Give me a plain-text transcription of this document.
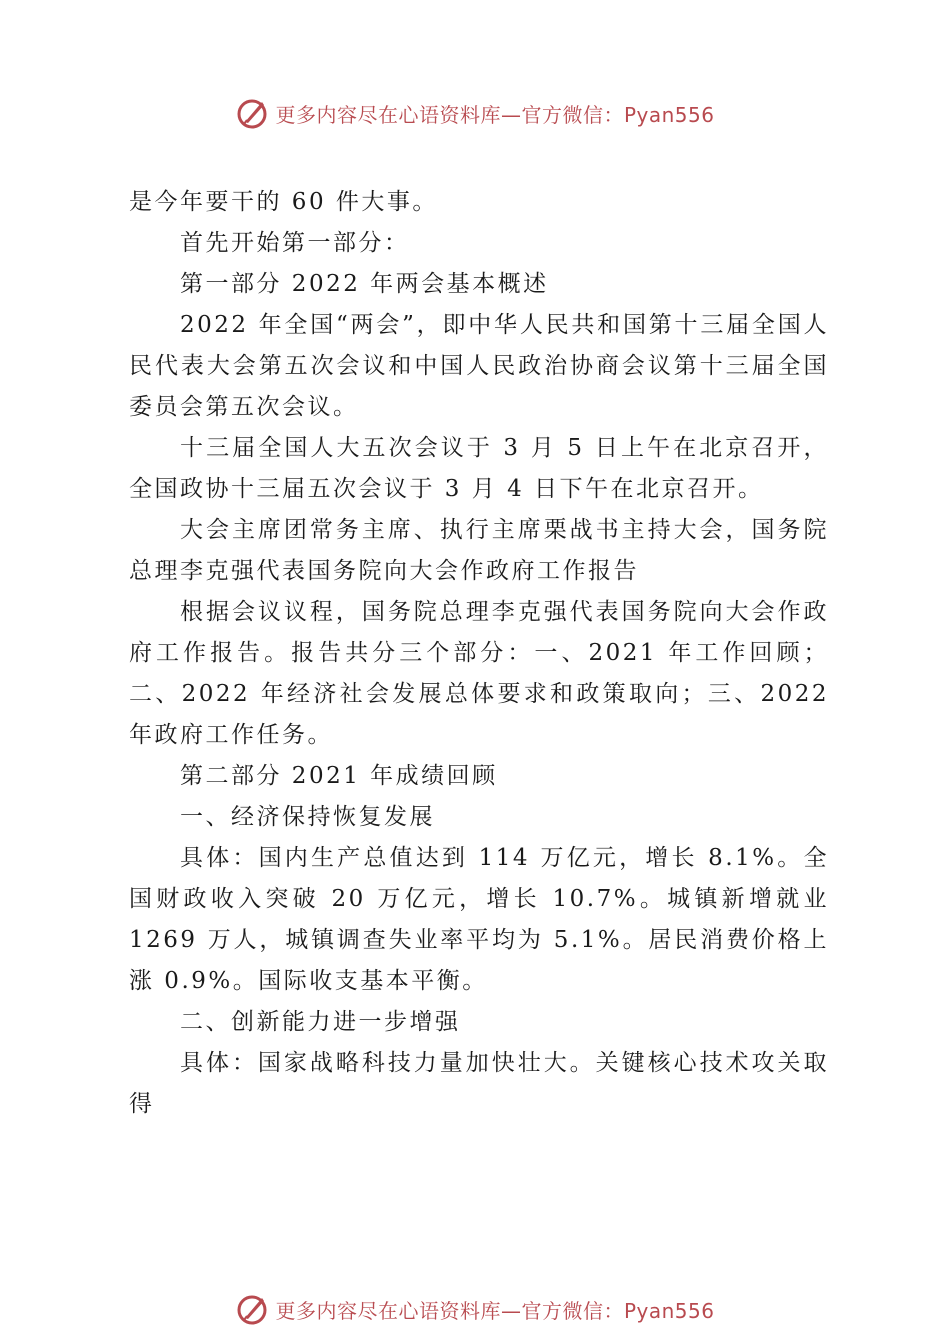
更多内容尽在心语资料库—官方微信：Pyan556

是今年要干的 60 件大事。

首先开始第一部分：

第一部分 2022 年两会基本概述

2022 年全国“两会”，即中华人民共和国第十三届全国人民代表大会第五次会议和中国人民政治协商会议第十三届全国委员会第五次会议。

十三届全国人大五次会议于 3 月 5 日上午在北京召开，全国政协十三届五次会议于 3 月 4 日下午在北京召开。

大会主席团常务主席、执行主席栗战书主持大会，国务院总理李克强代表国务院向大会作政府工作报告

根据会议议程，国务院总理李克强代表国务院向大会作政府工作报告。报告共分三个部分：一、2021 年工作回顾；二、2022 年经济社会发展总体要求和政策取向；三、2022 年政府工作任务。

第二部分 2021 年成绩回顾

一、经济保持恢复发展

具体：国内生产总值达到 114 万亿元，增长 8.1%。全国财政收入突破 20 万亿元，增长 10.7%。城镇新增就业 1269 万人，城镇调查失业率平均为 5.1%。居民消费价格上涨 0.9%。国际收支基本平衡。

二、创新能力进一步增强

具体：国家战略科技力量加快壮大。关键核心技术攻关取得

更多内容尽在心语资料库—官方微信：Pyan556
